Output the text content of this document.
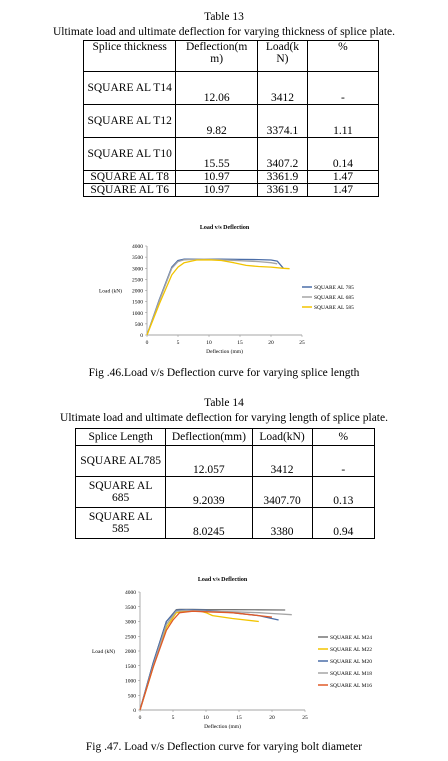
Table 13
Ultimate load and ultimate deflection for varying thickness of splice plate.
Splice thickness	Deflection(m m)	Load(k N)	%
SQUARE AL T14	12.06	3412	-
SQUARE AL T12	9.82	3374.1	1.11
SQUARE AL T10	15.55	3407.2	0.14
SQUARE AL T8	10.97	3361.9	1.47
SQUARE AL T6	10.97	3361.9	1.47
Load v/s Deflection
0
500
1000
1500
2000
2500
3000
3500
4000
0	5	10	15	20	25
Deflection (mm)
Load (kN)
SQUARE AL 785
SQUARE AL 685
SQUARE AL 585
Fig .46.Load v/s Deflection curve for varying splice length
Table 14
Ultimate load and ultimate deflection for varying length of splice plate.
Splice Length	Deflection(mm)	Load(kN)	%
SQUARE AL785	12.057	3412	-
SQUARE AL 685	9.2039	3407.70	0.13
SQUARE AL 585	8.0245	3380	0.94
Load v/s Deflection
0
500
1000
1500
2000
2500
3000
3500
4000
0	5	10	15	20	25
Deflection (mm)
Load (kN)
SQUARE AL M24
SQUARE AL M22
SQUARE AL M20
SQUARE AL M18
SQUARE AL M16
Fig .47. Load v/s Deflection curve for varying bolt diameter
